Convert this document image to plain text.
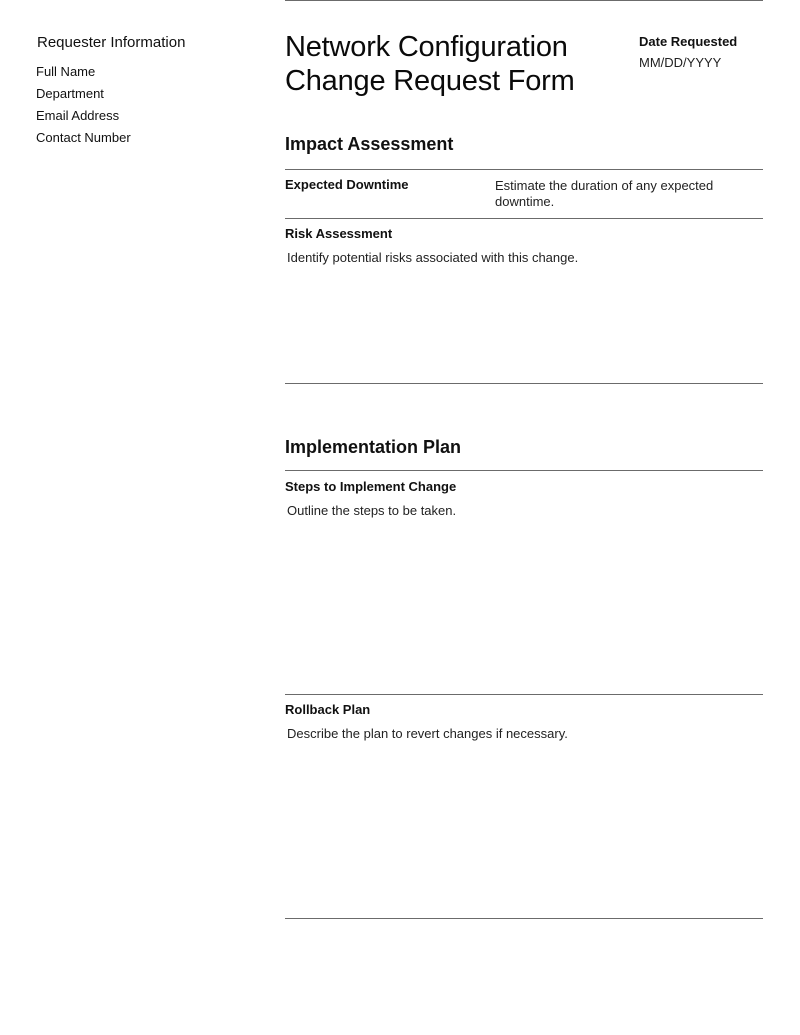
Requester Information
Full Name
Department
Email Address
Contact Number
Network Configuration Change Request Form
Date Requested
MM/DD/YYYY
Impact Assessment
Expected Downtime	Estimate the duration of any expected downtime.
Risk Assessment
Identify potential risks associated with this change.
Implementation Plan
Steps to Implement Change
Outline the steps to be taken.
Rollback Plan
Describe the plan to revert changes if necessary.
